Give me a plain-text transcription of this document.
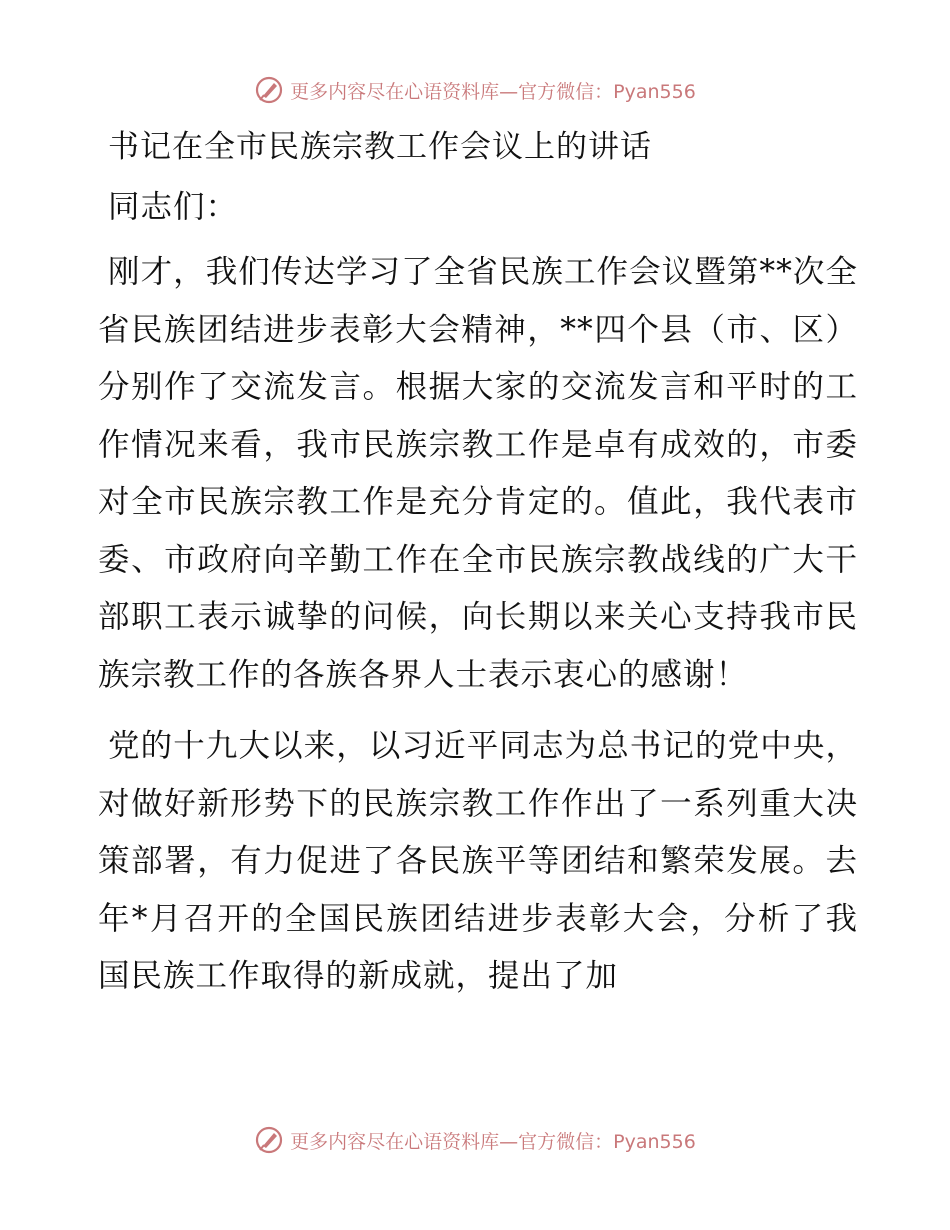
更多内容尽在心语资料库—官方微信：Pyan556
书记在全市民族宗教工作会议上的讲话

同志们：

刚才，我们传达学习了全省民族工作会议暨第**次全省民族团结进步表彰大会精神，**四个县（市、区）分别作了交流发言。根据大家的交流发言和平时的工作情况来看，我市民族宗教工作是卓有成效的，市委对全市民族宗教工作是充分肯定的。值此，我代表市委、市政府向辛勤工作在全市民族宗教战线的广大干部职工表示诚挚的问候，向长期以来关心支持我市民族宗教工作的各族各界人士表示衷心的感谢！

党的十九大以来，以习近平同志为总书记的党中央，对做好新形势下的民族宗教工作作出了一系列重大决策部署，有力促进了各民族平等团结和繁荣发展。去年*月召开的全国民族团结进步表彰大会，分析了我国民族工作取得的新成就，提出了加

更多内容尽在心语资料库—官方微信：Pyan556
